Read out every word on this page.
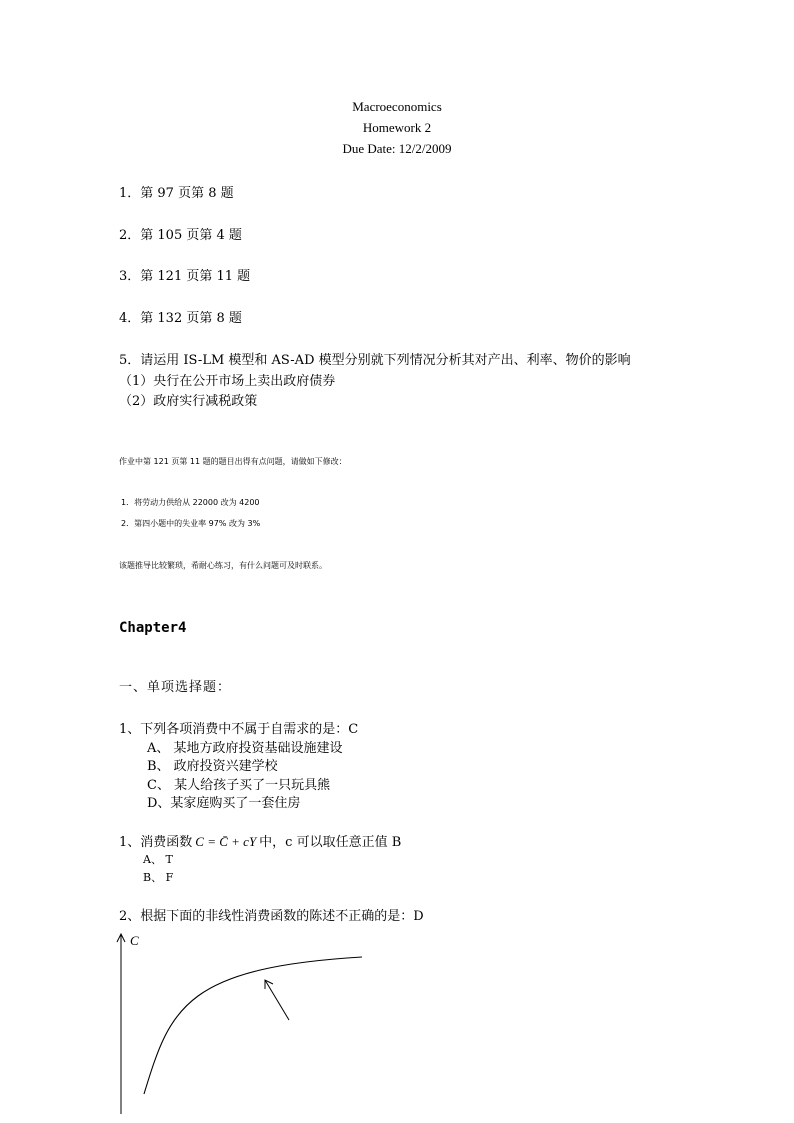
Macroeconomics
Homework 2
Due Date: 12/2/2009
1．第 97 页第 8 题
2．第 105 页第 4 题
3．第 121 页第 11 题
4．第 132 页第 8 题
5．请运用 IS-LM 模型和 AS-AD 模型分别就下列情况分析其对产出、利率、物价的影响
（1）央行在公开市场上卖出政府债券
（2）政府实行减税政策
作业中第 121 页第 11 题的题目出得有点问题，请做如下修改：
1．将劳动力供给从 22000 改为 4200
2．第四小题中的失业率 97% 改为 3%
该题推导比较繁琐，希耐心练习，有什么问题可及时联系。
Chapter4
一、单项选择题：
1、下列各项消费中不属于自需求的是：C
A、 某地方政府投资基础设施建设
B、 政府投资兴建学校
C、 某人给孩子买了一只玩具熊
D、某家庭购买了一套住房
1、消费函数 C = C̄ + cY 中，c 可以取任意正值 B
A、 T
B、 F
2、根据下面的非线性消费函数的陈述不正确的是：D
C
